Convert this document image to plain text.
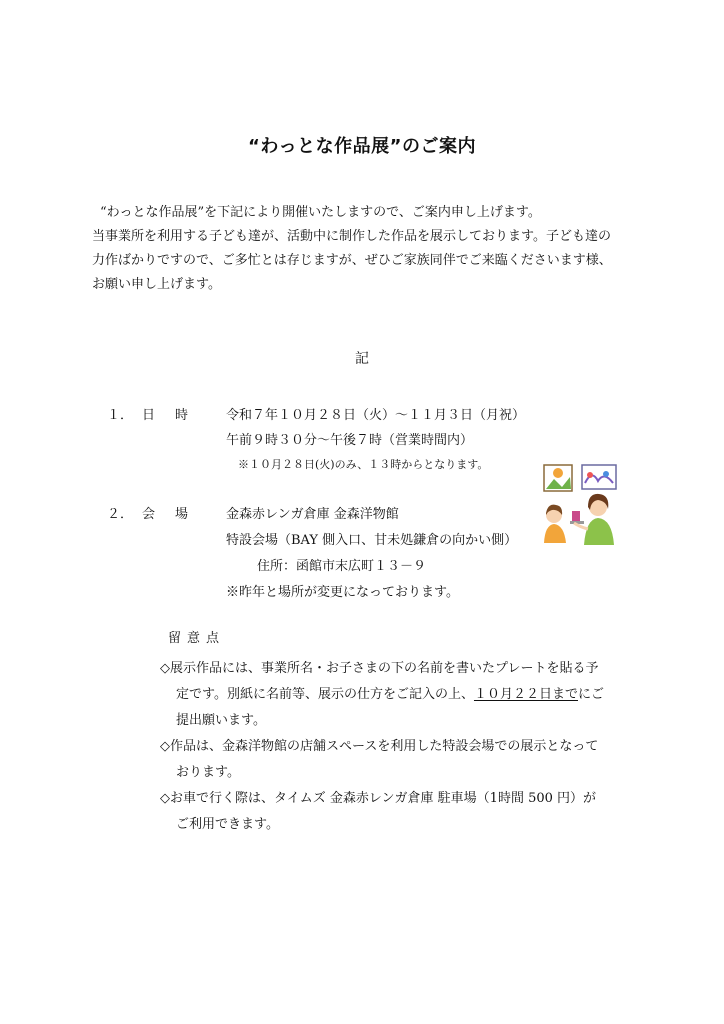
“わっとな作品展”のご案内
“わっとな作品展”を下記により開催いたしますので、ご案内申し上げます。
当事業所を利用する子ども達が、活動中に制作した作品を展示しております。子ども達の
力作ばかりですので、ご多忙とは存じますが、ぜひご家族同伴でご来臨くださいます様、
お願い申し上げます。
記
１． 日 時	令和７年１０月２８日（火）～１１月３日（月祝）
午前９時３０分～午後７時（営業時間内）
※１０月２８日(火)のみ、１３時からとなります。
２． 会 場	金森赤レンガ倉庫 金森洋物館
特設会場（BAY 側入口、甘未処鎌倉の向かい側）
住所：函館市末広町１３－９
※昨年と場所が変更になっております。
留意点
◇展示作品には、事業所名・お子さまの下の名前を書いたプレートを貼る予
定です。別紙に名前等、展示の仕方をご記入の上、１０月２２日までにご
提出願います。
◇作品は、金森洋物館の店舗スペースを利用した特設会場での展示となって
おります。
◇お車で行く際は、タイムズ 金森赤レンガ倉庫 駐車場（1時間 500 円）が
ご利用できます。
